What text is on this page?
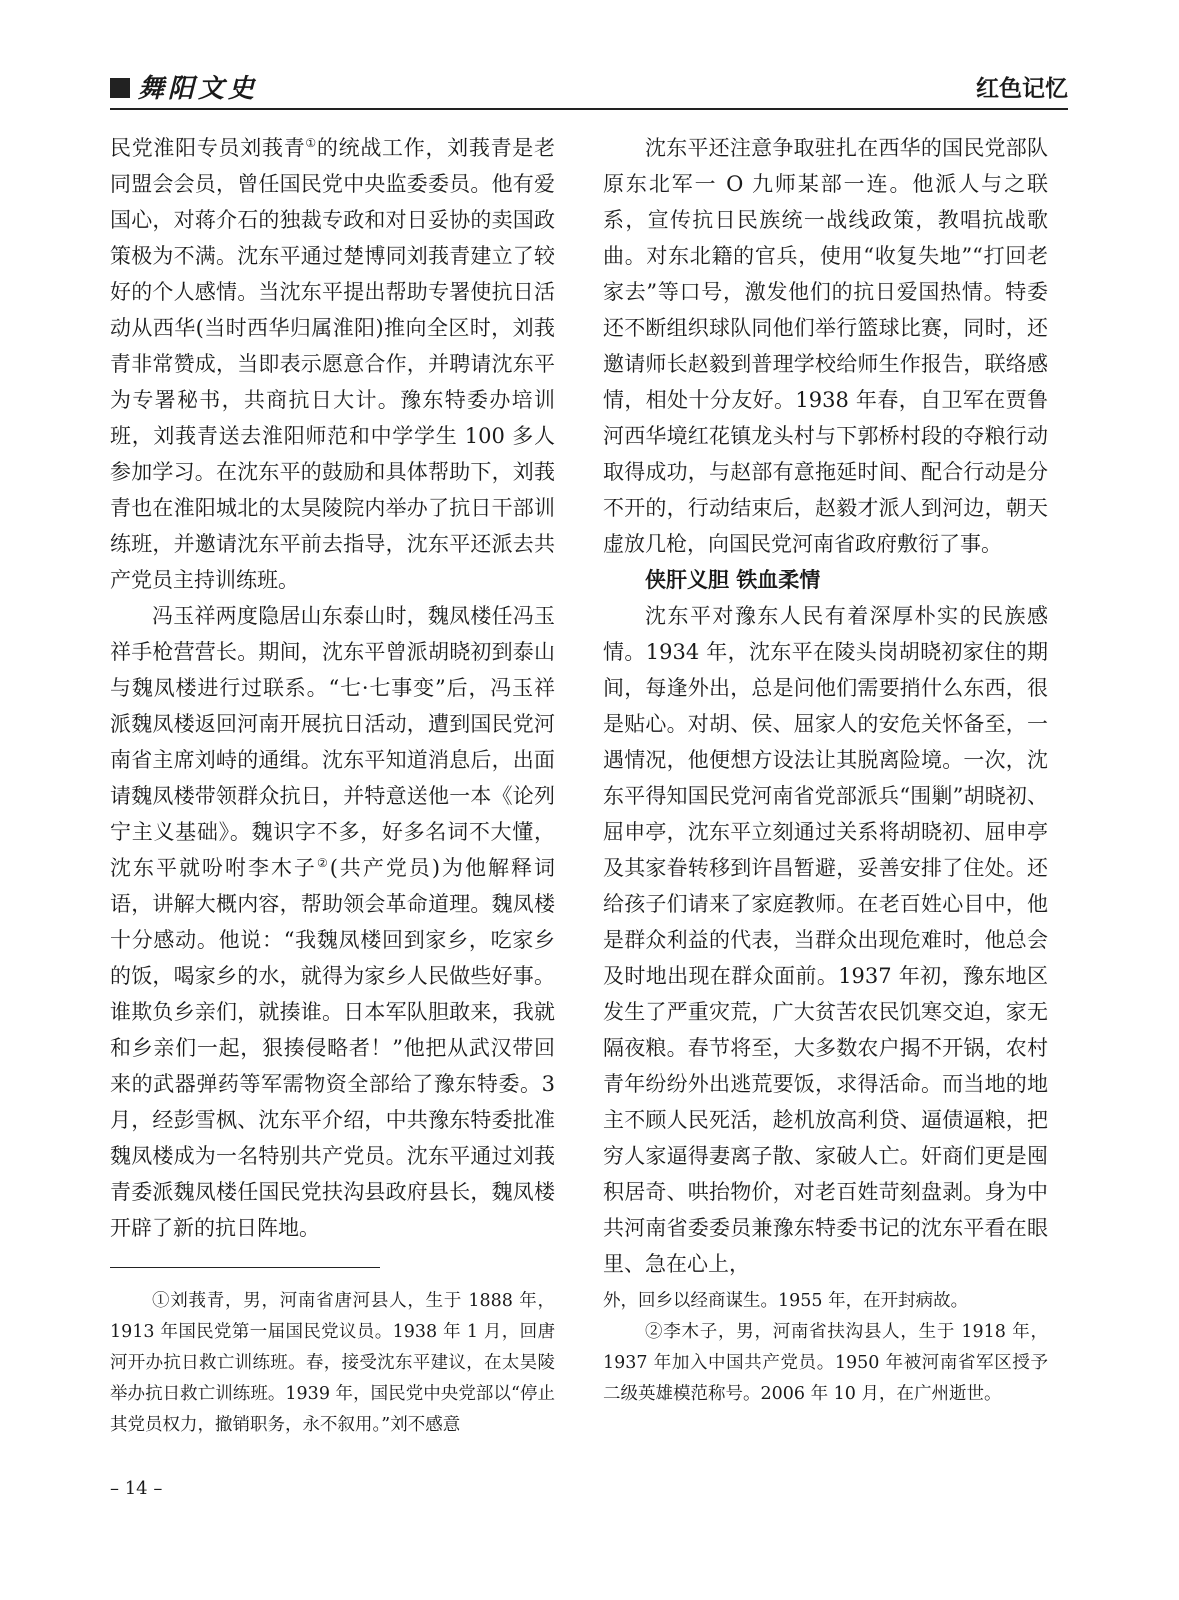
舞阳文史	红色记忆

民党淮阳专员刘莪青①的统战工作，刘莪青是老同盟会会员，曾任国民党中央监委委员。他有爱国心，对蒋介石的独裁专政和对日妥协的卖国政策极为不满。沈东平通过楚博同刘莪青建立了较好的个人感情。当沈东平提出帮助专署使抗日活动从西华(当时西华归属淮阳)推向全区时，刘莪青非常赞成，当即表示愿意合作，并聘请沈东平为专署秘书，共商抗日大计。豫东特委办培训班，刘莪青送去淮阳师范和中学学生 100 多人参加学习。在沈东平的鼓励和具体帮助下，刘莪青也在淮阳城北的太昊陵院内举办了抗日干部训练班，并邀请沈东平前去指导，沈东平还派去共产党员主持训练班。

冯玉祥两度隐居山东泰山时，魏凤楼任冯玉祥手枪营营长。期间，沈东平曾派胡晓初到泰山与魏凤楼进行过联系。“七·七事变”后，冯玉祥派魏凤楼返回河南开展抗日活动，遭到国民党河南省主席刘峙的通缉。沈东平知道消息后，出面请魏凤楼带领群众抗日，并特意送他一本《论列宁主义基础》。魏识字不多，好多名词不大懂，沈东平就吩咐李木子②(共产党员)为他解释词语，讲解大概内容，帮助领会革命道理。魏凤楼十分感动。他说：“我魏凤楼回到家乡，吃家乡的饭，喝家乡的水，就得为家乡人民做些好事。谁欺负乡亲们，就揍谁。日本军队胆敢来，我就和乡亲们一起，狠揍侵略者！”他把从武汉带回来的武器弹药等军需物资全部给了豫东特委。3 月，经彭雪枫、沈东平介绍，中共豫东特委批准魏凤楼成为一名特别共产党员。沈东平通过刘莪青委派魏凤楼任国民党扶沟县政府县长，魏凤楼开辟了新的抗日阵地。

沈东平还注意争取驻扎在西华的国民党部队原东北军一 O 九师某部一连。他派人与之联系，宣传抗日民族统一战线政策，教唱抗战歌曲。对东北籍的官兵，使用“收复失地”“打回老家去”等口号，激发他们的抗日爱国热情。特委还不断组织球队同他们举行篮球比赛，同时，还邀请师长赵毅到普理学校给师生作报告，联络感情，相处十分友好。1938 年春，自卫军在贾鲁河西华境红花镇龙头村与下郭桥村段的夺粮行动取得成功，与赵部有意拖延时间、配合行动是分不开的，行动结束后，赵毅才派人到河边，朝天虚放几枪，向国民党河南省政府敷衍了事。

侠肝义胆 铁血柔情

沈东平对豫东人民有着深厚朴实的民族感情。1934 年，沈东平在陵头岗胡晓初家住的期间，每逢外出，总是问他们需要捎什么东西，很是贴心。对胡、侯、屈家人的安危关怀备至，一遇情况，他便想方设法让其脱离险境。一次，沈东平得知国民党河南省党部派兵“围剿”胡晓初、屈申亭，沈东平立刻通过关系将胡晓初、屈申亭及其家眷转移到许昌暂避，妥善安排了住处。还给孩子们请来了家庭教师。在老百姓心目中，他是群众利益的代表，当群众出现危难时，他总会及时地出现在群众面前。1937 年初，豫东地区发生了严重灾荒，广大贫苦农民饥寒交迫，家无隔夜粮。春节将至，大多数农户揭不开锅，农村青年纷纷外出逃荒要饭，求得活命。而当地的地主不顾人民死活，趁机放高利贷、逼债逼粮，把穷人家逼得妻离子散、家破人亡。奸商们更是囤积居奇、哄抬物价，对老百姓苛刻盘剥。身为中共河南省委委员兼豫东特委书记的沈东平看在眼里、急在心上，

①刘莪青，男，河南省唐河县人，生于 1888 年，1913 年国民党第一届国民党议员。1938 年 1 月，回唐河开办抗日救亡训练班。春，接受沈东平建议，在太昊陵举办抗日救亡训练班。1939 年，国民党中央党部以“停止其党员权力，撤销职务，永不叙用。”刘不感意

外，回乡以经商谋生。1955 年，在开封病故。

②李木子，男，河南省扶沟县人，生于 1918 年，1937 年加入中国共产党员。1950 年被河南省军区授予二级英雄模范称号。2006 年 10 月，在广州逝世。

– 14 –
